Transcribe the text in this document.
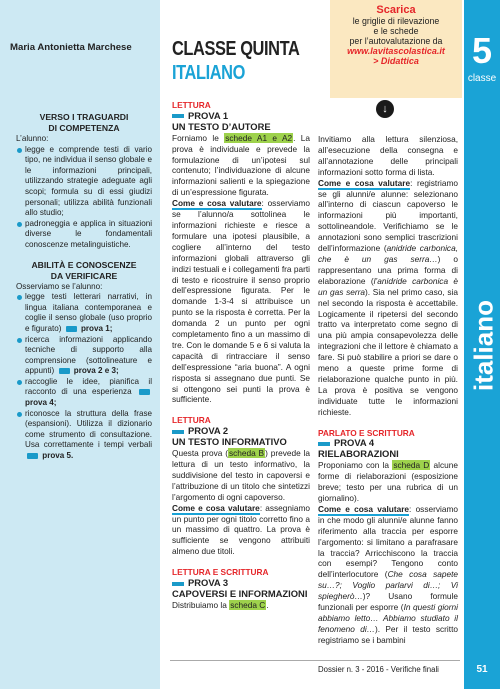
Maria Antonietta Marchese
VERSO I TRAGUARDI
DI COMPETENZA
L’alunno:
legge e comprende testi di vario tipo, ne individua il senso globale e le informazioni principali, utilizzando strategie adeguate agli scopi; formula su di essi giudizi personali; utilizza abilità funzionali allo studio;
padroneggia e applica in situazioni diverse le fondamentali conoscenze metalinguistiche.
ABILITÀ E CONOSCENZE
DA VERIFICARE
Osserviamo se l’alunno:
legge testi letterari narrativi, in lingua italiana contemporanea e coglie il senso globale (uso proprio e figurato) prova 1;
ricerca informazioni applicando tecniche di supporto alla comprensione (sottolineature e appunti) prova 2 e 3;
raccoglie le idee, pianifica il racconto di una esperienza  prova 4;
riconosce la struttura della frase (espansioni). Utilizza il dizionario come strumento di consultazione. Usa correttamente i tempi verbali  prova 5.
CLASSE QUINTA
ITALIANO
Scarica
le griglie di rilevazione
e le schede
per l’autovalutazione da
www.lavitascolastica.it
> Didattica
↓
5
classe
italiano
51
LETTURA
PROVA 1
UN TESTO D’AUTORE
Forniamo le schede A1 e A2. La prova è individuale e prevede la formulazione di un’ipotesi sul contenuto; l’individuazione di alcune informazioni salienti e la spiegazione di un’espressione figurata.
Come e cosa valutare: osserviamo se l’alunno/a sottolinea le informazioni richieste e riesce a formulare una ipotesi plausibile, a cogliere all’interno del testo informazioni globali attraverso gli indizi testuali e i collegamenti fra parti di testo e ricostruire il senso proprio dell’espressione figurata. Per le domande 1-3-4 si attribuisce un punto se la risposta è corretta. Per la domanda 2 un punto per ogni completamento fino a un massimo di tre. Con le domande 5 e 6 si valuta la capacità di rintracciare il senso dell’espressione “aria buona”. A ogni risposta si assegnano due punti. Se si ottengono sei punti la prova è sufficiente.
LETTURA
PROVA 2
UN TESTO INFORMATIVO
Questa prova (scheda B) prevede la lettura di un testo informativo, la suddivisione del testo in capoversi e l’attribuzione di un titolo che sintetizzi l’argomento di ogni capoverso.
Come e cosa valutare: assegniamo un punto per ogni titolo corretto fino a un massimo di quattro. La prova è sufficiente se vengono attribuiti almeno due titoli.
LETTURA E SCRITTURA
PROVA 3
CAPOVERSI E INFORMAZIONI
Distribuiamo la scheda C.
Invitiamo alla lettura silenziosa, all’esecuzione della consegna e all’annotazione delle principali informazioni sotto forma di lista.
Come e cosa valutare: registriamo se gli alunni/e alunne: selezionano all’interno di ciascun capoverso le informazioni più importanti, sottolineandole. Verifichiamo se le annotazioni sono semplici trascrizioni dell’informazione (anidride carbonica, che è un gas serra…) o rappresentano una prima forma di elaborazione (l’anidride carbonica è un gas serra). Sia nel primo caso, sia nel secondo la risposta è accettabile. Logicamente il ripetersi del secondo tratto va interpretato come segno di una più ampia consapevolezza delle integrazioni che il lettore è chiamato a fare. Si può stabilire a priori se dare o meno a queste prime forme di rielaborazione qualche punto in più. La prova è positiva se vengono individuate tutte le informazioni richieste.
PARLATO E SCRITTURA
PROVA 4
RIELABORAZIONI
Proponiamo con la scheda D alcune forme di rielaborazioni (esposizione breve; testo per una rubrica di un giornalino).
Come e cosa valutare: osserviamo in che modo gli alunni/e alunne fanno riferimento alla traccia per esporre l’argomento: si limitano a parafrasare la traccia? Arricchiscono la traccia con esempi? Tengono conto dell’interlocutore (Che cosa sapete su…?; Voglio parlarvi di…; Vi spiegherò…)? Usano formule funzionali per esporre (In questi giorni abbiamo letto… Abbiamo studiato il fenomeno di…). Per il testo scritto registriamo se i bambini
Dossier n. 3 - 2016 - Verifiche finali
